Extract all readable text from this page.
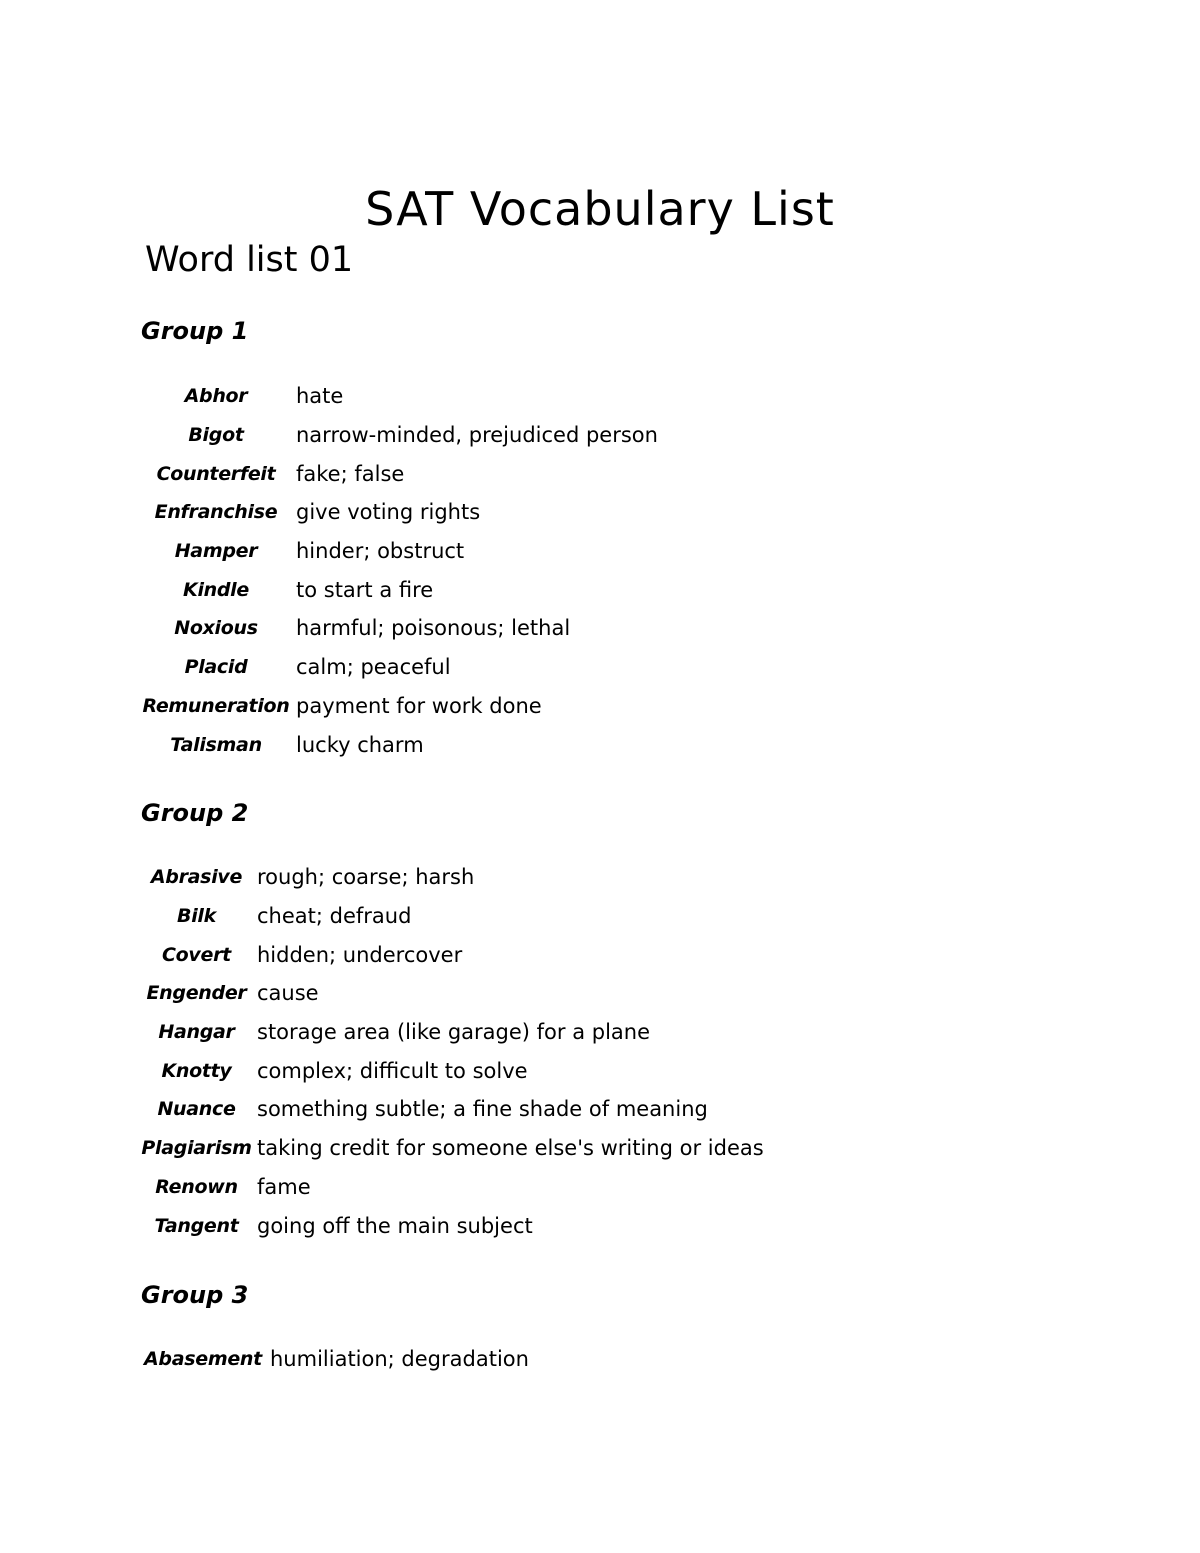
SAT Vocabulary List
Word list 01
Group 1
Abhor	hate
Bigot	narrow-minded, prejudiced person
Counterfeit	fake; false
Enfranchise	give voting rights
Hamper	hinder; obstruct
Kindle	to start a fire
Noxious	harmful; poisonous; lethal
Placid	calm; peaceful
Remuneration	payment for work done
Talisman	lucky charm
Group 2
Abrasive	rough; coarse; harsh
Bilk	cheat; defraud
Covert	hidden; undercover
Engender	cause
Hangar	storage area (like garage) for a plane
Knotty	complex; difficult to solve
Nuance	something subtle; a fine shade of meaning
Plagiarism	taking credit for someone else's writing or ideas
Renown	fame
Tangent	going off the main subject
Group 3
Abasement	humiliation; degradation
